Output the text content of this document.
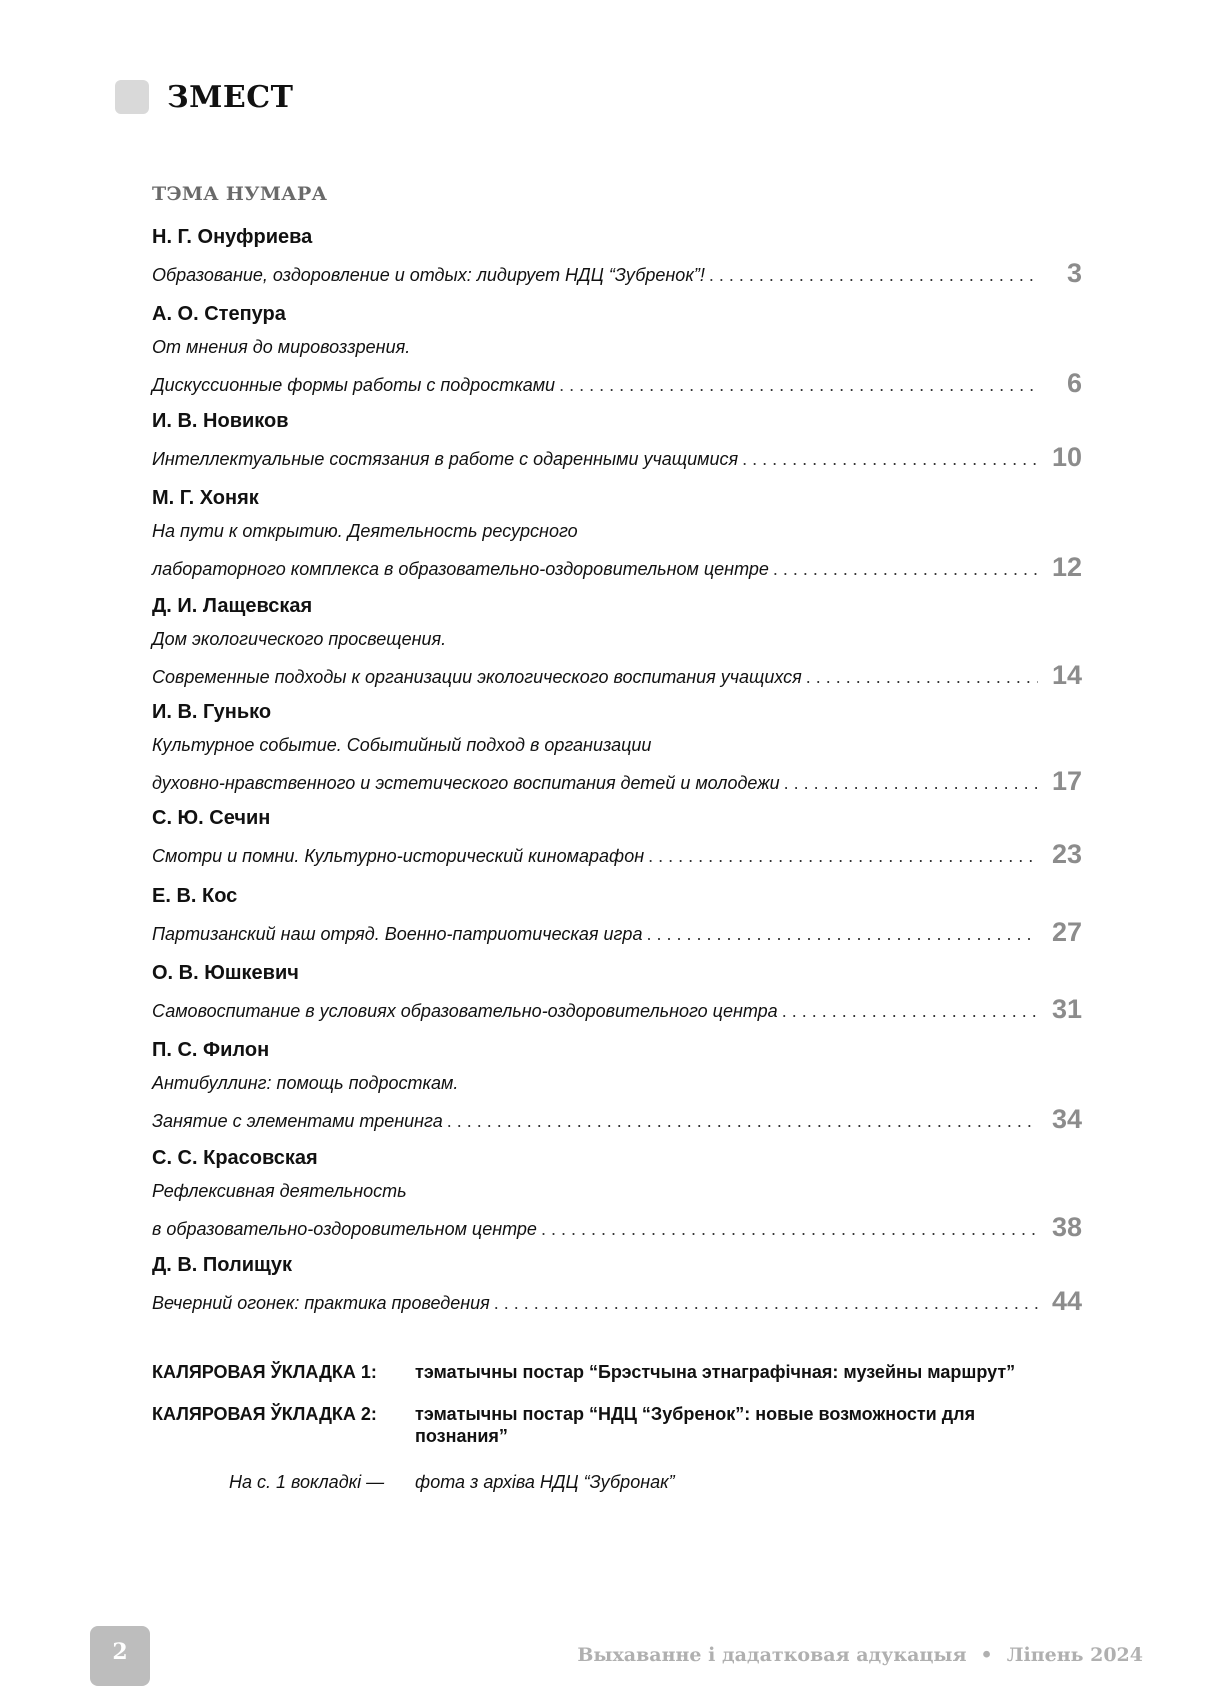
ЗМЕСТ
ТЭМА НУМАРА
Н. Г. Онуфриева
Образование, оздоровление и отдых: лидирует НДЦ “Зубренок”! . . .	3
А. О. Степура
От мнения до мировоззрения.
Дискуссионные формы работы с подростками . . .	6
И. В. Новиков
Интеллектуальные состязания в работе с одаренными учащимися . . .	10
М. Г. Хоняк
На пути к открытию. Деятельность ресурсного
лабораторного комплекса в образовательно-оздоровительном центре . . .	12
Д. И. Лащевская
Дом экологического просвещения.
Современные подходы к организации экологического воспитания учащихся . . .	14
И. В. Гунько
Культурное событие. Событийный подход в организации
духовно-нравственного и эстетического воспитания детей и молодежи . . .	17
С. Ю. Сечин
Смотри и помни. Культурно-исторический киномарафон . . .	23
Е. В. Кос
Партизанский наш отряд. Военно-патриотическая игра . . .	27
О. В. Юшкевич
Самовоспитание в условиях образовательно-оздоровительного центра . . .	31
П. С. Филон
Антибуллинг: помощь подросткам.
Занятие с элементами тренинга . . .	34
С. С. Красовская
Рефлексивная деятельность
в образовательно-оздоровительном центре . . .	38
Д. В. Полищук
Вечерний огонек: практика проведения . . .	44
КАЛЯРОВАЯ ЎКЛАДКА 1: тэматычны постар “Брэстчына этнаграфічная: музейны маршрут”
КАЛЯРОВАЯ ЎКЛАДКА 2: тэматычны постар “НДЦ “Зубренок”: новые возможности для познания”
На с. 1 вокладкі — фота з архіва НДЦ “Зубронак”
2	Выхаванне і дадатковая адукацыя • Ліпень 2024
